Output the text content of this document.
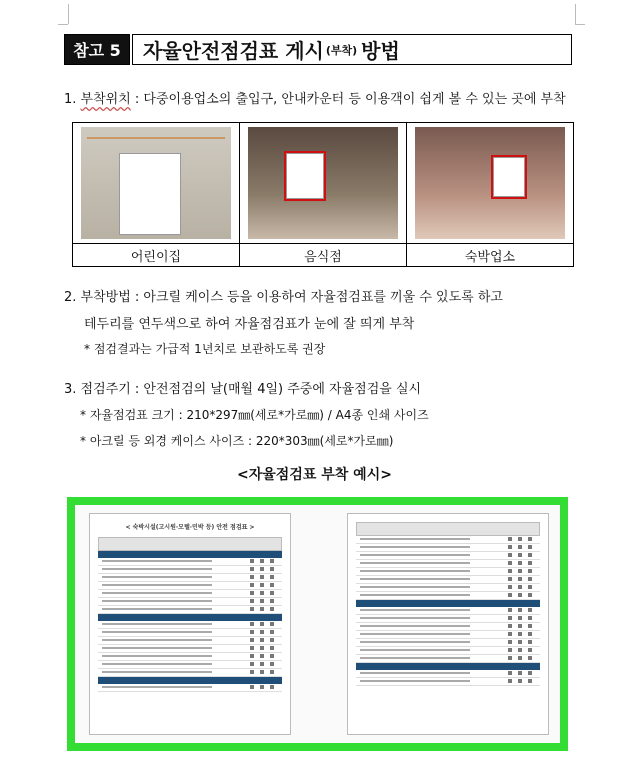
참고 5	자율안전점검표 게시 (부착) 방법
1. 부착위치 : 다중이용업소의 출입구, 안내카운터 등 이용객이 쉽게 볼 수 있는 곳에 부착

어린이집	음식점	숙박업소
2. 부착방법 : 아크릴 케이스 등을 이용하여 자율점검표를 끼울 수 있도록 하고
테두리를 연두색으로 하여 자율점검표가 눈에 잘 띄게 부착
* 점검결과는 가급적 1년치로 보관하도록 권장
3. 점검주기 : 안전점검의 날(매월 4일) 주중에 자율점검을 실시
* 자율점검표 크기 : 210*297㎜(세로*가로㎜) / A4종 인쇄 사이즈
* 아크릴 등 외경 케이스 사이즈 : 220*303㎜(세로*가로㎜)
<자율점검표 부착 예시>
< 숙박시설(고시원·모텔·민박 등) 안전 점검표 >
